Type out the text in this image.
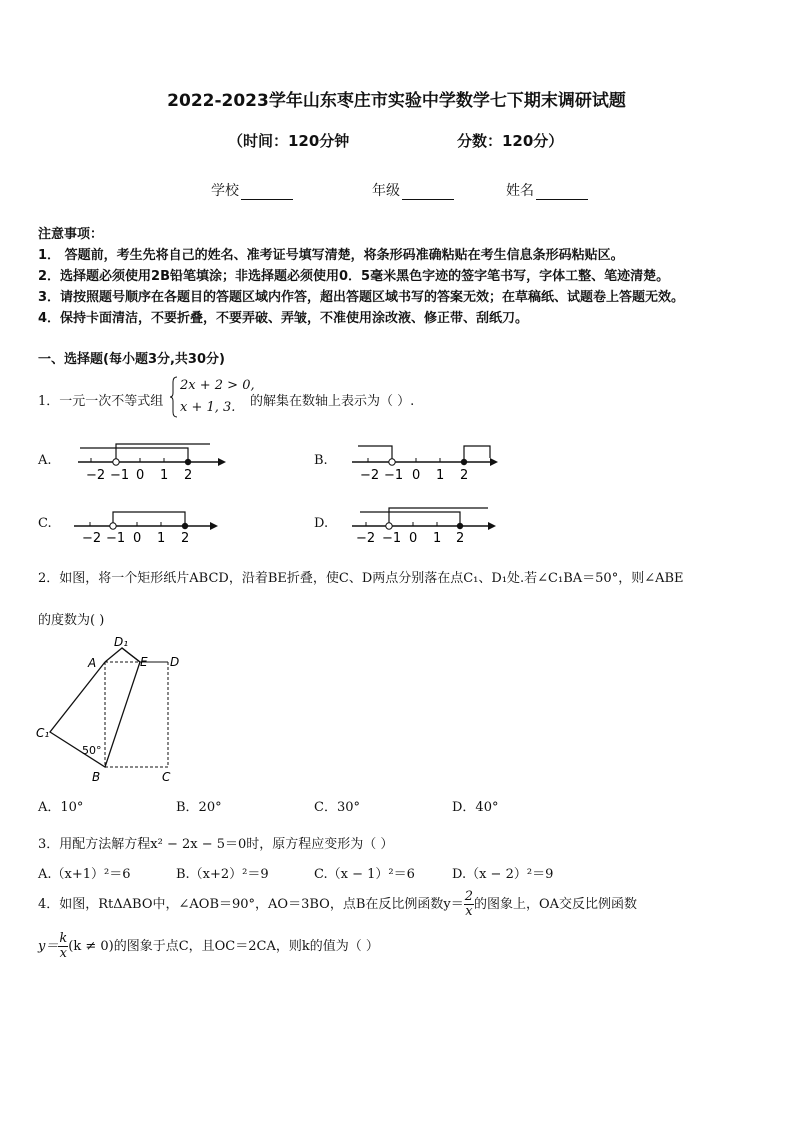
2022-2023学年山东枣庄市实验中学数学七下期末调研试题
（时间：120分钟	分数：120分）
学校	年级	姓名
注意事项：
1． 答题前，考生先将自己的姓名、准考证号填写清楚，将条形码准确粘贴在考生信息条形码粘贴区。
2．选择题必须使用2B铅笔填涂；非选择题必须使用0．5毫米黑色字迹的签字笔书写，字体工整、笔迹清楚。
3．请按照题号顺序在各题目的答题区域内作答，超出答题区域书写的答案无效；在草稿纸、试题卷上答题无效。
4．保持卡面清洁，不要折叠，不要弄破、弄皱，不准使用涂改液、修正带、刮纸刀。
一、选择题(每小题3分,共30分)
1．一元一次不等式组
2x + 2 > 0,
x + 1, 3. 的解集在数轴上表示为（ ）.
A.	B.
C.	D.
−2 −1 0 1 2	−2 −1 0 1 2
−2 −1 0 1 2	−2 −1 0 1 2
2．如图，将一个矩形纸片ABCD，沿着BE折叠，使C、D两点分别落在点C₁、D₁处.若∠C₁BA＝50°，则∠ABE
的度数为( )
D₁
A	E D
C₁
50°
B	C
A．10°	B．20°	C．30°	D．40°
3．用配方法解方程x² − 2x − 5＝0时，原方程应变形为（ ）
A.（x+1）²＝6	B.（x+2）²＝9	C.（x − 1）²＝6	D.（x − 2）²＝9
4．如图，RtΔABO中，∠AOB＝90°，AO＝3BO，点B在反比例函数$y= \frac{2}{x}$ 的图象上，OA交反比例函数
$y= \frac{k}{x} (k \ne 0)$的图象于点C，且OC＝2CA，则k的值为（ ）
